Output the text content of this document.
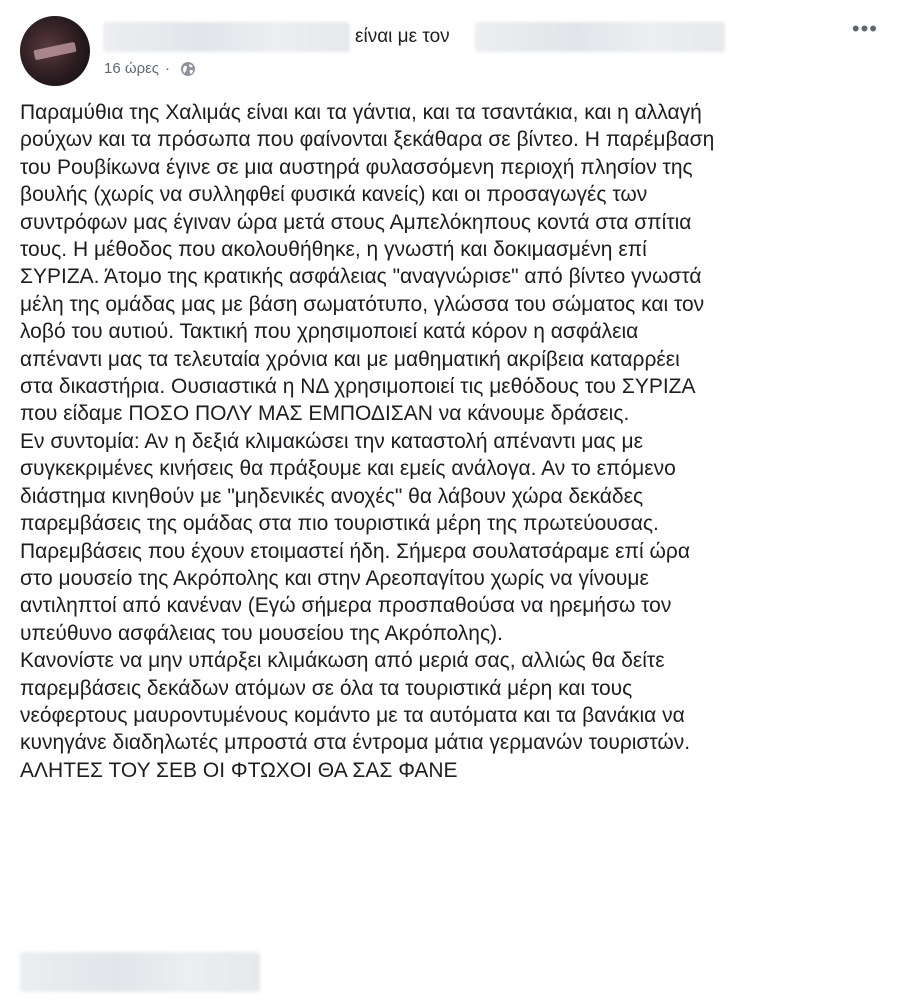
είναι με τον
16 ώρες ·
•••
Παραμύθια της Χαλιμάς είναι και τα γάντια, και τα τσαντάκια, και η αλλαγή
ρούχων και τα πρόσωπα που φαίνονται ξεκάθαρα σε βίντεο. Η παρέμβαση
του Ρουβίκωνα έγινε σε μια αυστηρά φυλασσόμενη περιοχή πλησίον της
βουλής (χωρίς να συλληφθεί φυσικά κανείς) και οι προσαγωγές των
συντρόφων μας έγιναν ώρα μετά στους Αμπελόκηπους κοντά στα σπίτια
τους. Η μέθοδος που ακολουθήθηκε, η γνωστή και δοκιμασμένη επί
ΣΥΡΙΖΑ. Άτομο της κρατικής ασφάλειας "αναγνώρισε" από βίντεο γνωστά
μέλη της ομάδας μας με βάση σωματότυπο, γλώσσα του σώματος και τον
λοβό του αυτιού. Τακτική που χρησιμοποιεί κατά κόρον η ασφάλεια
απέναντι μας τα τελευταία χρόνια και με μαθηματική ακρίβεια καταρρέει
στα δικαστήρια. Ουσιαστικά η ΝΔ χρησιμοποιεί τις μεθόδους του ΣΥΡΙΖΑ
που είδαμε ΠΟΣΟ ΠΟΛΥ ΜΑΣ ΕΜΠΟΔΙΣΑΝ να κάνουμε δράσεις.
Εν συντομία: Αν η δεξιά κλιμακώσει την καταστολή απέναντι μας με
συγκεκριμένες κινήσεις θα πράξουμε και εμείς ανάλογα. Αν το επόμενο
διάστημα κινηθούν με "μηδενικές ανοχές" θα λάβουν χώρα δεκάδες
παρεμβάσεις της ομάδας στα πιο τουριστικά μέρη της πρωτεύουσας.
Παρεμβάσεις που έχουν ετοιμαστεί ήδη. Σήμερα σουλατσάραμε επί ώρα
στο μουσείο της Ακρόπολης και στην Αρεοπαγίτου χωρίς να γίνουμε
αντιληπτοί από κανέναν (Εγώ σήμερα προσπαθούσα να ηρεμήσω τον
υπεύθυνο ασφάλειας του μουσείου της Ακρόπολης).
Κανονίστε να μην υπάρξει κλιμάκωση από μεριά σας, αλλιώς θα δείτε
παρεμβάσεις δεκάδων ατόμων σε όλα τα τουριστικά μέρη και τους
νεόφερτους μαυροντυμένους κομάντο με τα αυτόματα και τα βανάκια να
κυνηγάνε διαδηλωτές μπροστά στα έντρομα μάτια γερμανών τουριστών.
ΑΛΗΤΕΣ ΤΟΥ ΣΕΒ ΟΙ ΦΤΩΧΟΙ ΘΑ ΣΑΣ ΦΑΝΕ
